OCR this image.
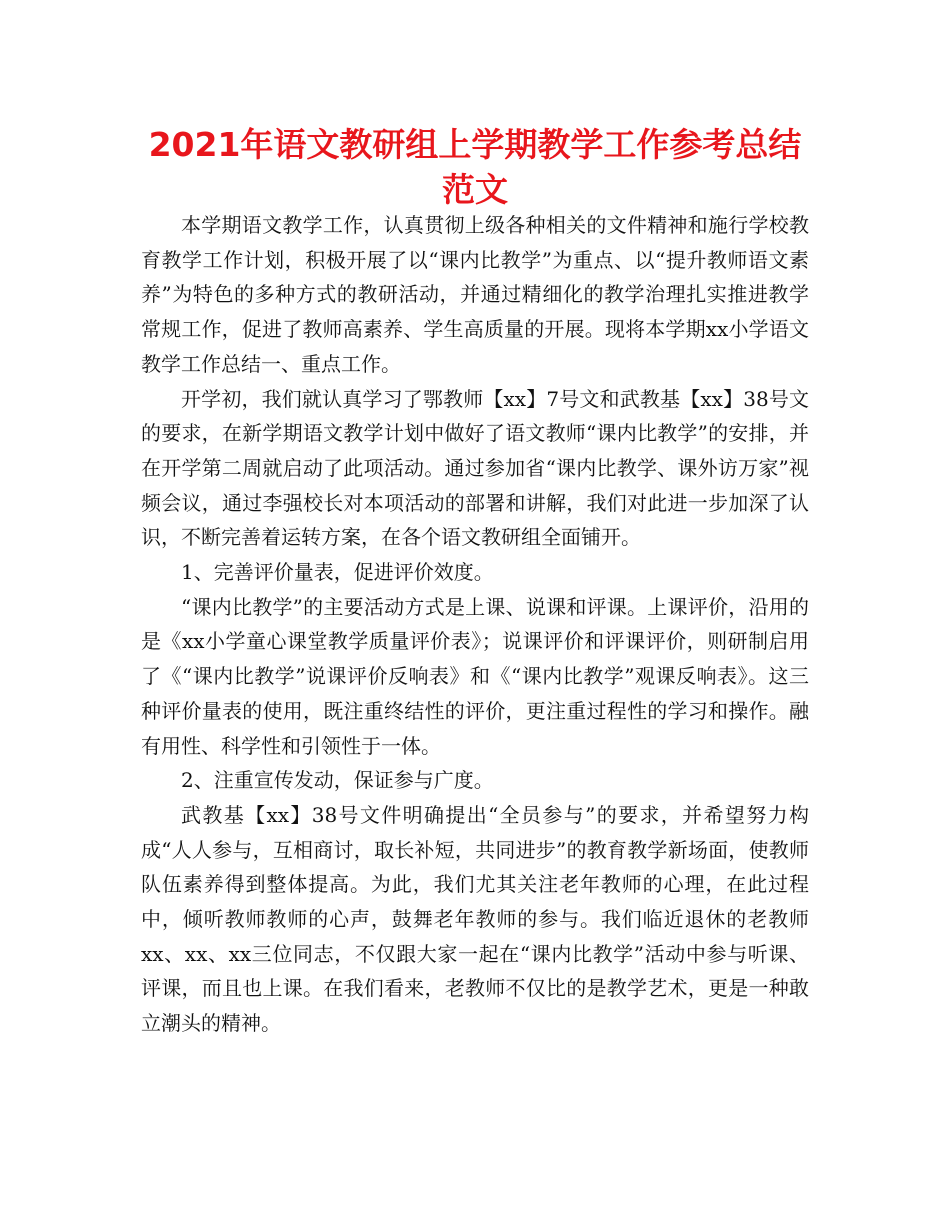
2021年语文教研组上学期教学工作参考总结范文

本学期语文教学工作，认真贯彻上级各种相关的文件精神和施行学校教育教学工作计划，积极开展了以“课内比教学”为重点、以“提升教师语文素养”为特色的多种方式的教研活动，并通过精细化的教学治理扎实推进教学常规工作，促进了教师高素养、学生高质量的开展。现将本学期xx小学语文教学工作总结一、重点工作。

开学初，我们就认真学习了鄂教师【xx】7号文和武教基【xx】38号文的要求，在新学期语文教学计划中做好了语文教师“课内比教学”的安排，并在开学第二周就启动了此项活动。通过参加省“课内比教学、课外访万家”视频会议，通过李强校长对本项活动的部署和讲解，我们对此进一步加深了认识，不断完善着运转方案，在各个语文教研组全面铺开。

1、完善评价量表，促进评价效度。

“课内比教学”的主要活动方式是上课、说课和评课。上课评价，沿用的是《xx小学童心课堂教学质量评价表》；说课评价和评课评价，则研制启用了《“课内比教学”说课评价反响表》和《“课内比教学”观课反响表》。这三种评价量表的使用，既注重终结性的评价，更注重过程性的学习和操作。融有用性、科学性和引领性于一体。

2、注重宣传发动，保证参与广度。

武教基【xx】38号文件明确提出“全员参与”的要求，并希望努力构成“人人参与，互相商讨，取长补短，共同进步”的教育教学新场面，使教师队伍素养得到整体提高。为此，我们尤其关注老年教师的心理，在此过程中，倾听教师教师的心声，鼓舞老年教师的参与。我们临近退休的老教师xx、xx、xx三位同志，不仅跟大家一起在“课内比教学”活动中参与听课、评课，而且也上课。在我们看来，老教师不仅比的是教学艺术，更是一种敢立潮头的精神。
